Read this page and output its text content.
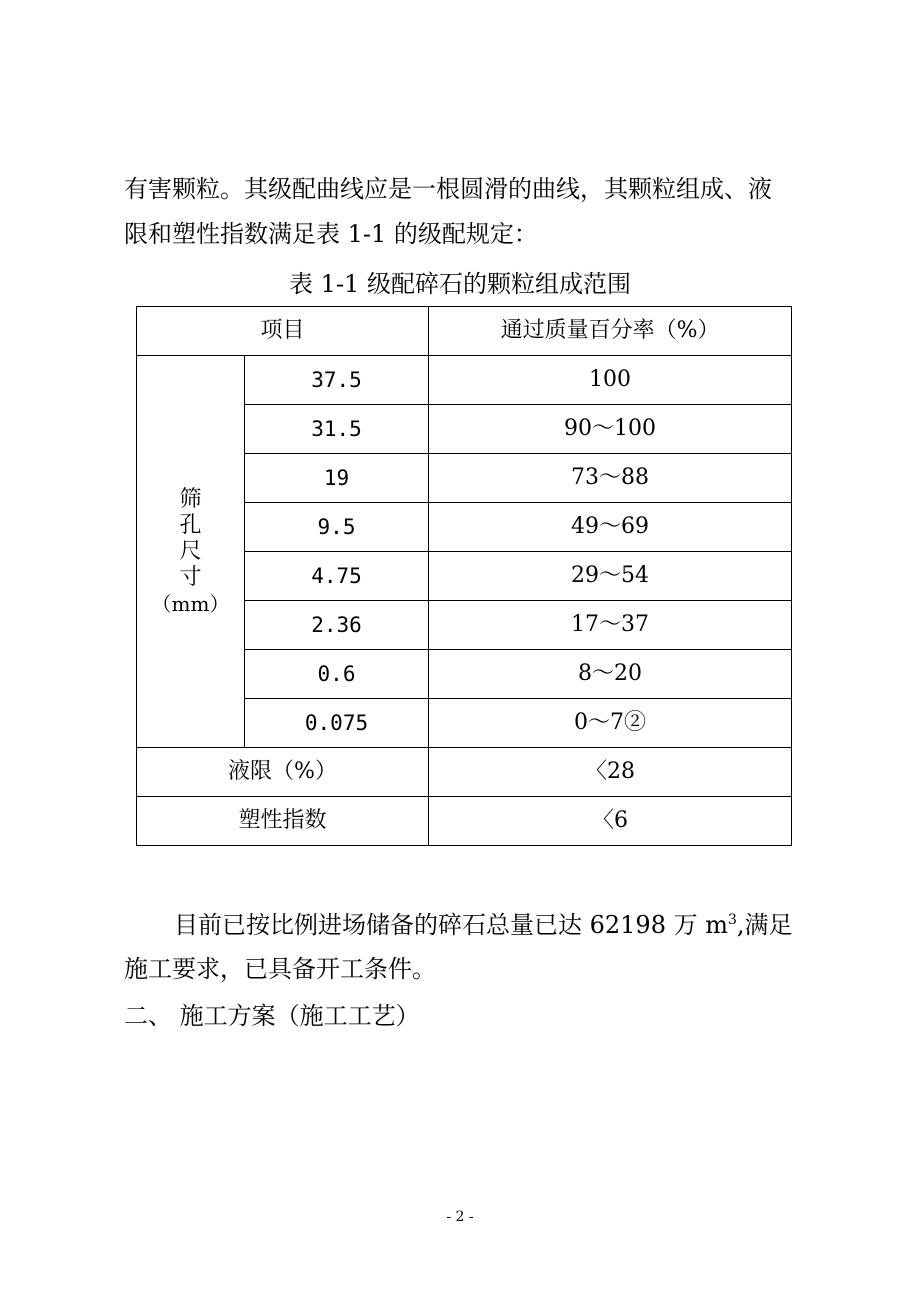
有害颗粒。其级配曲线应是一根圆滑的曲线，其颗粒组成、液

限和塑性指数满足表 1-1 的级配规定：

表 1-1 级配碎石的颗粒组成范围

项目		通过质量百分率（%）

筛
孔
尺
寸
（mm）	37.5	100
	31.5	90～100
	19	73～88
	9.5	49～69
	4.75	29～54
	2.36	17～37
	0.6	8～20
	0.075	0～7②
液限（%）		〈28
塑性指数		〈6

目前已按比例进场储备的碎石总量已达 62198 万 $m^3$,满足

施工要求，已具备开工条件。

二、 施工方案（施工工艺）

- 2 -
